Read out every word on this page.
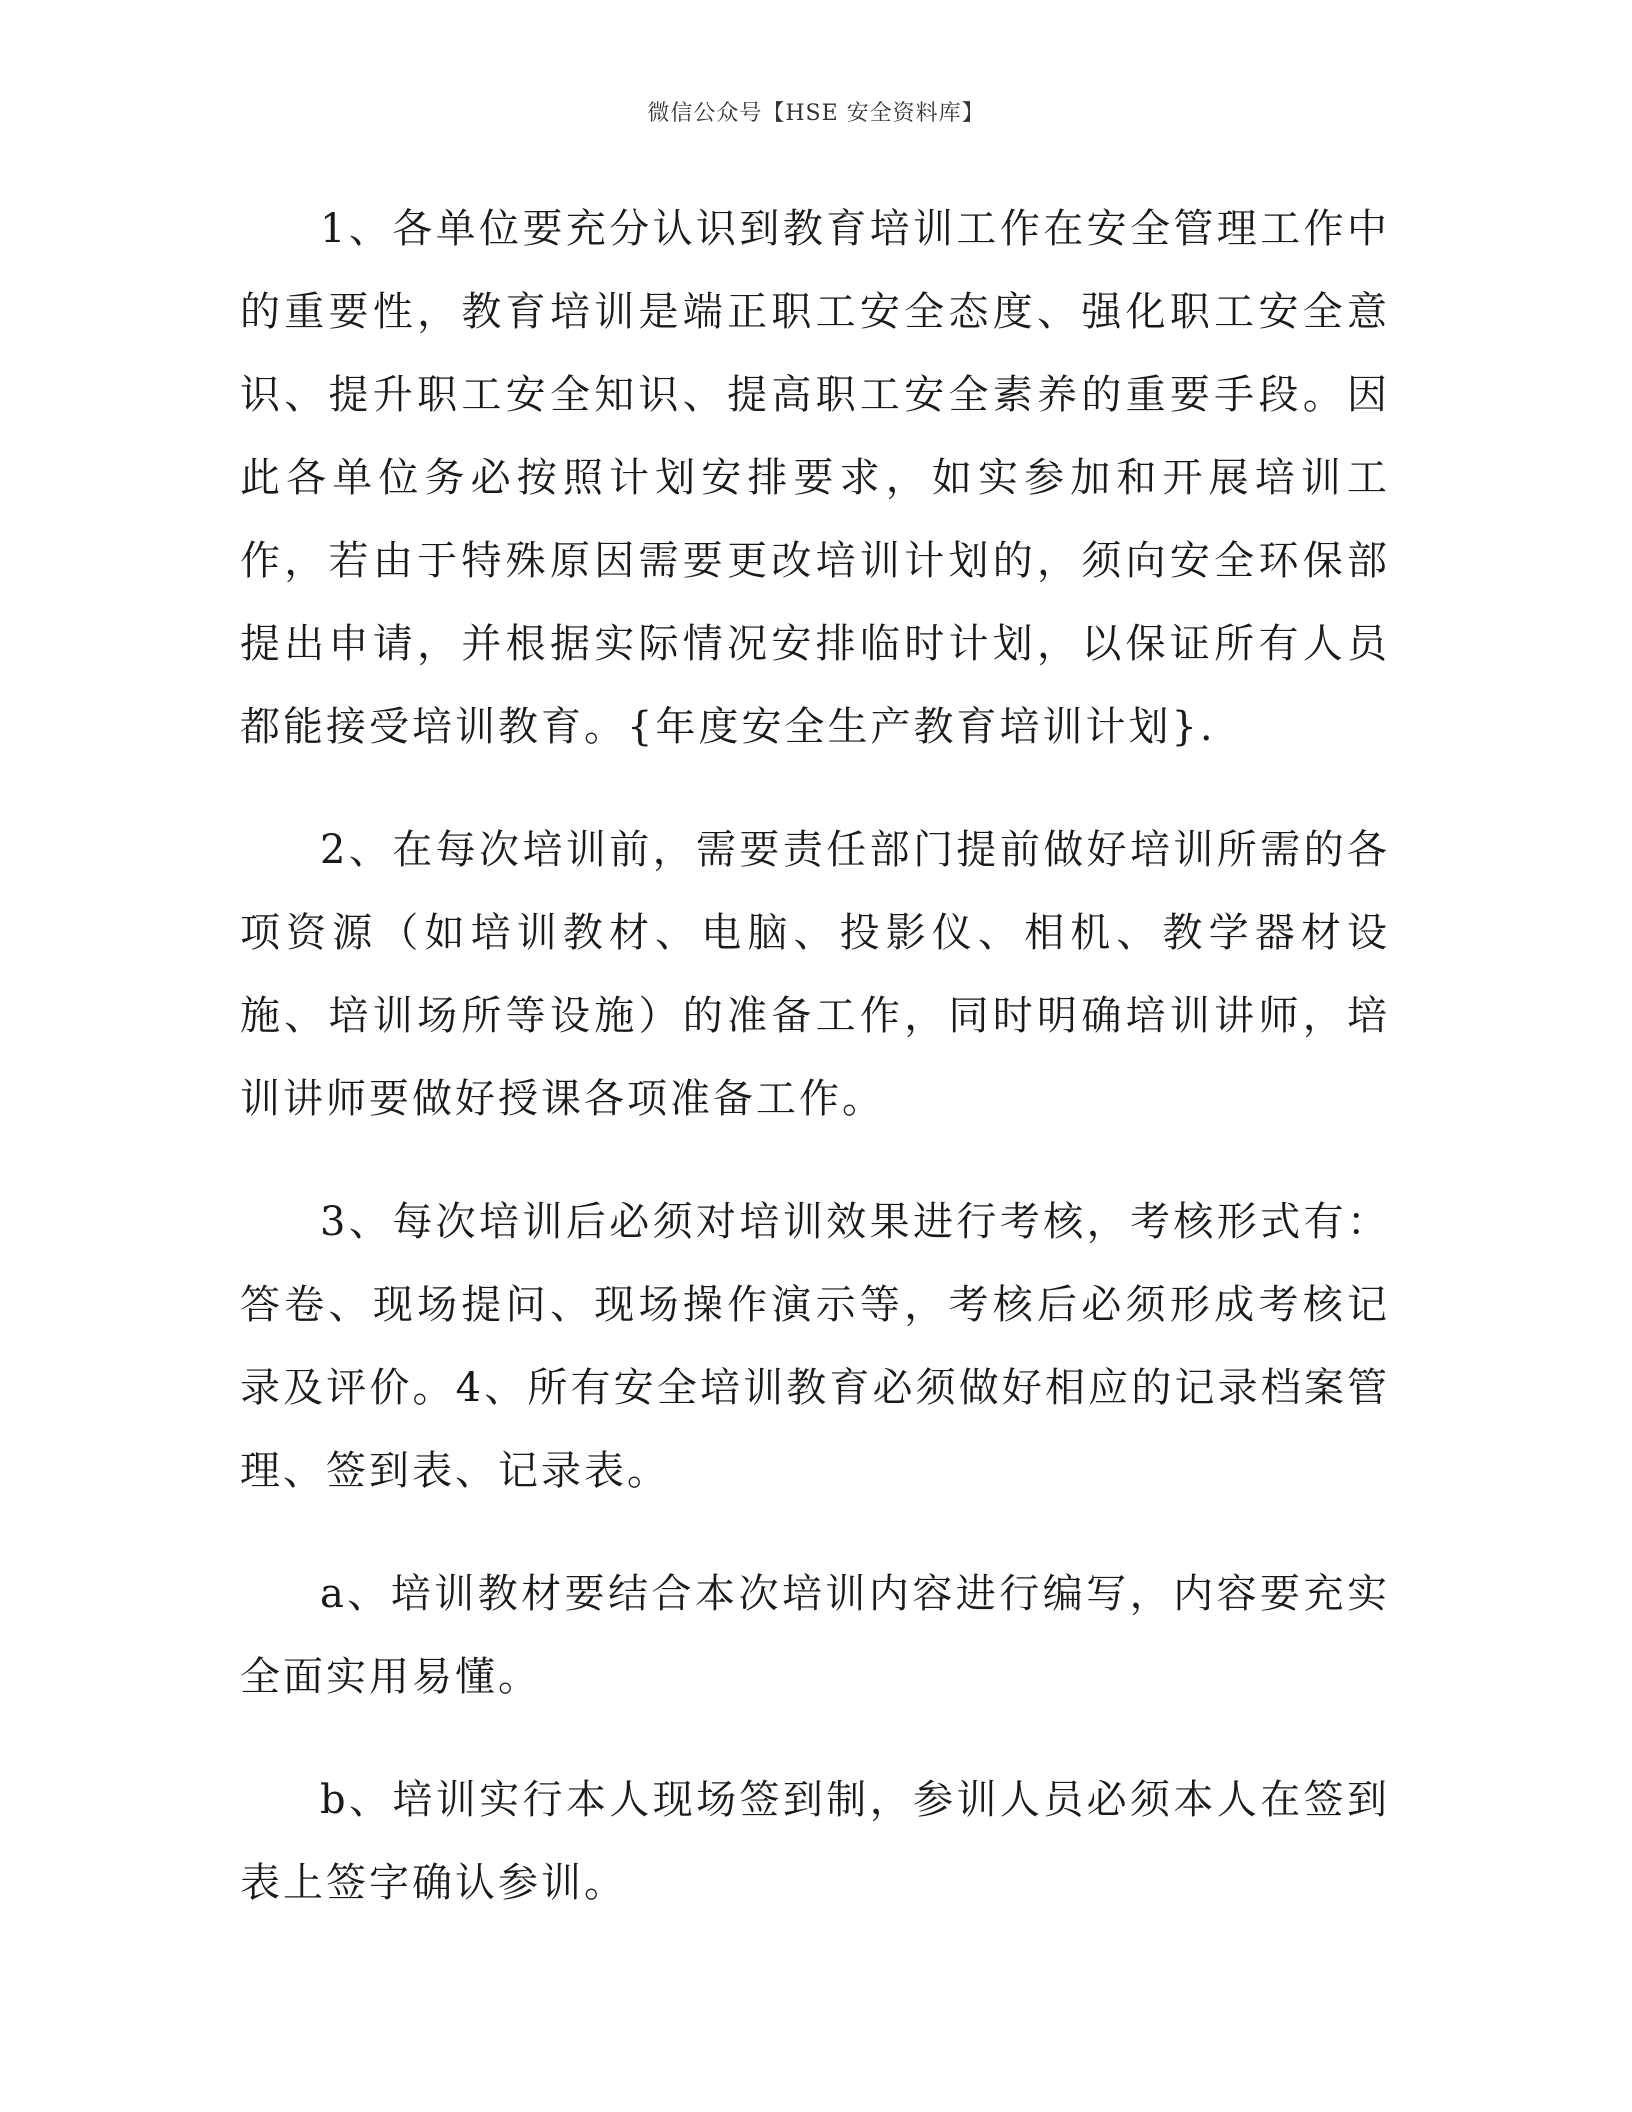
微信公众号【HSE 安全资料库】

1、各单位要充分认识到教育培训工作在安全管理工作中的重要性，教育培训是端正职工安全态度、强化职工安全意识、提升职工安全知识、提高职工安全素养的重要手段。因此各单位务必按照计划安排要求，如实参加和开展培训工作，若由于特殊原因需要更改培训计划的，须向安全环保部提出申请，并根据实际情况安排临时计划，以保证所有人员都能接受培训教育。{年度安全生产教育培训计划}.

2、在每次培训前，需要责任部门提前做好培训所需的各项资源（如培训教材、电脑、投影仪、相机、教学器材设施、培训场所等设施）的准备工作，同时明确培训讲师，培训讲师要做好授课各项准备工作。

3、每次培训后必须对培训效果进行考核，考核形式有：答卷、现场提问、现场操作演示等，考核后必须形成考核记录及评价。4、所有安全培训教育必须做好相应的记录档案管理、签到表、记录表。

a、培训教材要结合本次培训内容进行编写，内容要充实全面实用易懂。

b、培训实行本人现场签到制，参训人员必须本人在签到表上签字确认参训。
